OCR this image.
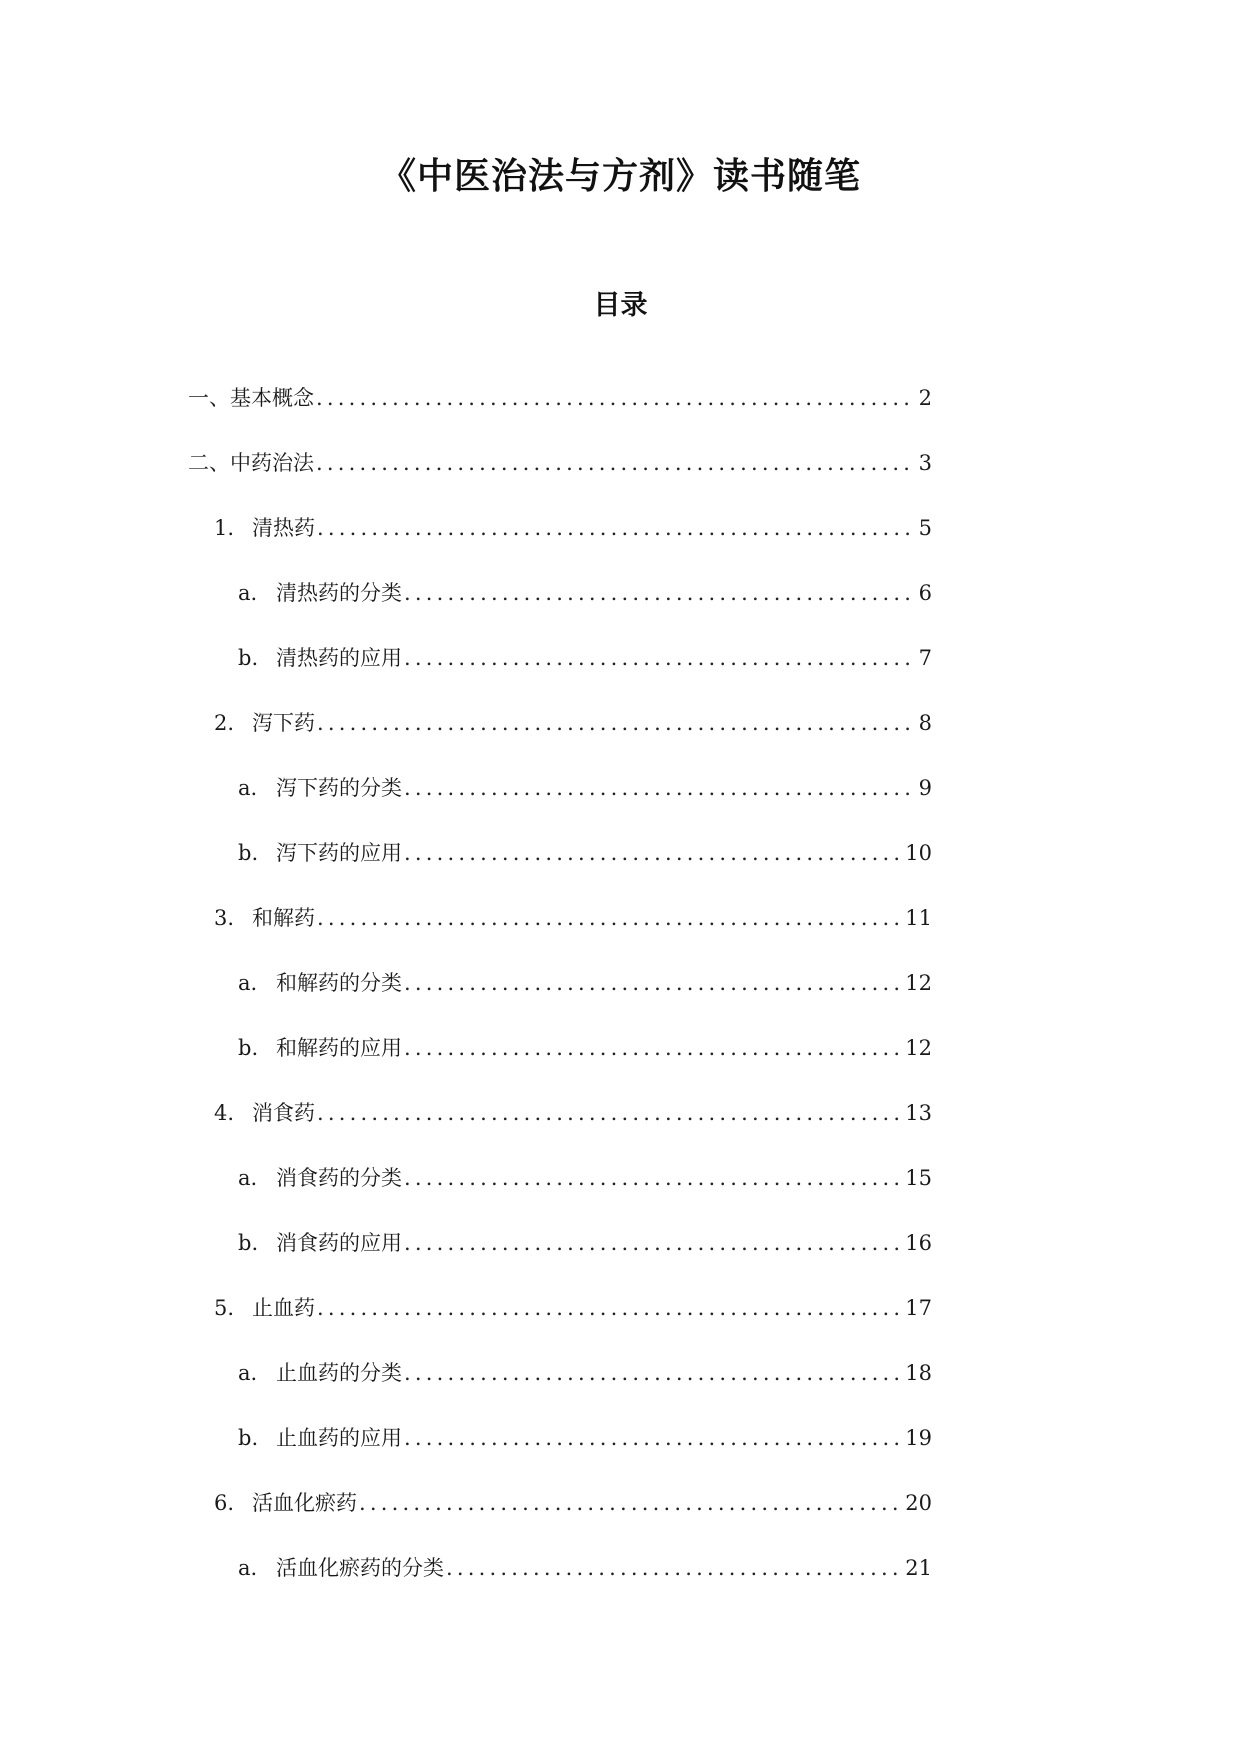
《中医治法与方剂》读书随笔
目录
一、 基本概念 .....	2
二、 中药治法 .....	3
1. 清热药 .....	5
a. 清热药的分类 .....	6
b. 清热药的应用 .....	7
2. 泻下药 .....	8
a. 泻下药的分类 .....	9
b. 泻下药的应用 .....	10
3. 和解药 .....	11
a. 和解药的分类 .....	12
b. 和解药的应用 .....	12
4. 消食药 .....	13
a. 消食药的分类 .....	15
b. 消食药的应用 .....	16
5. 止血药 .....	17
a. 止血药的分类 .....	18
b. 止血药的应用 .....	19
6. 活血化瘀药 .....	20
a. 活血化瘀药的分类 .....	21
